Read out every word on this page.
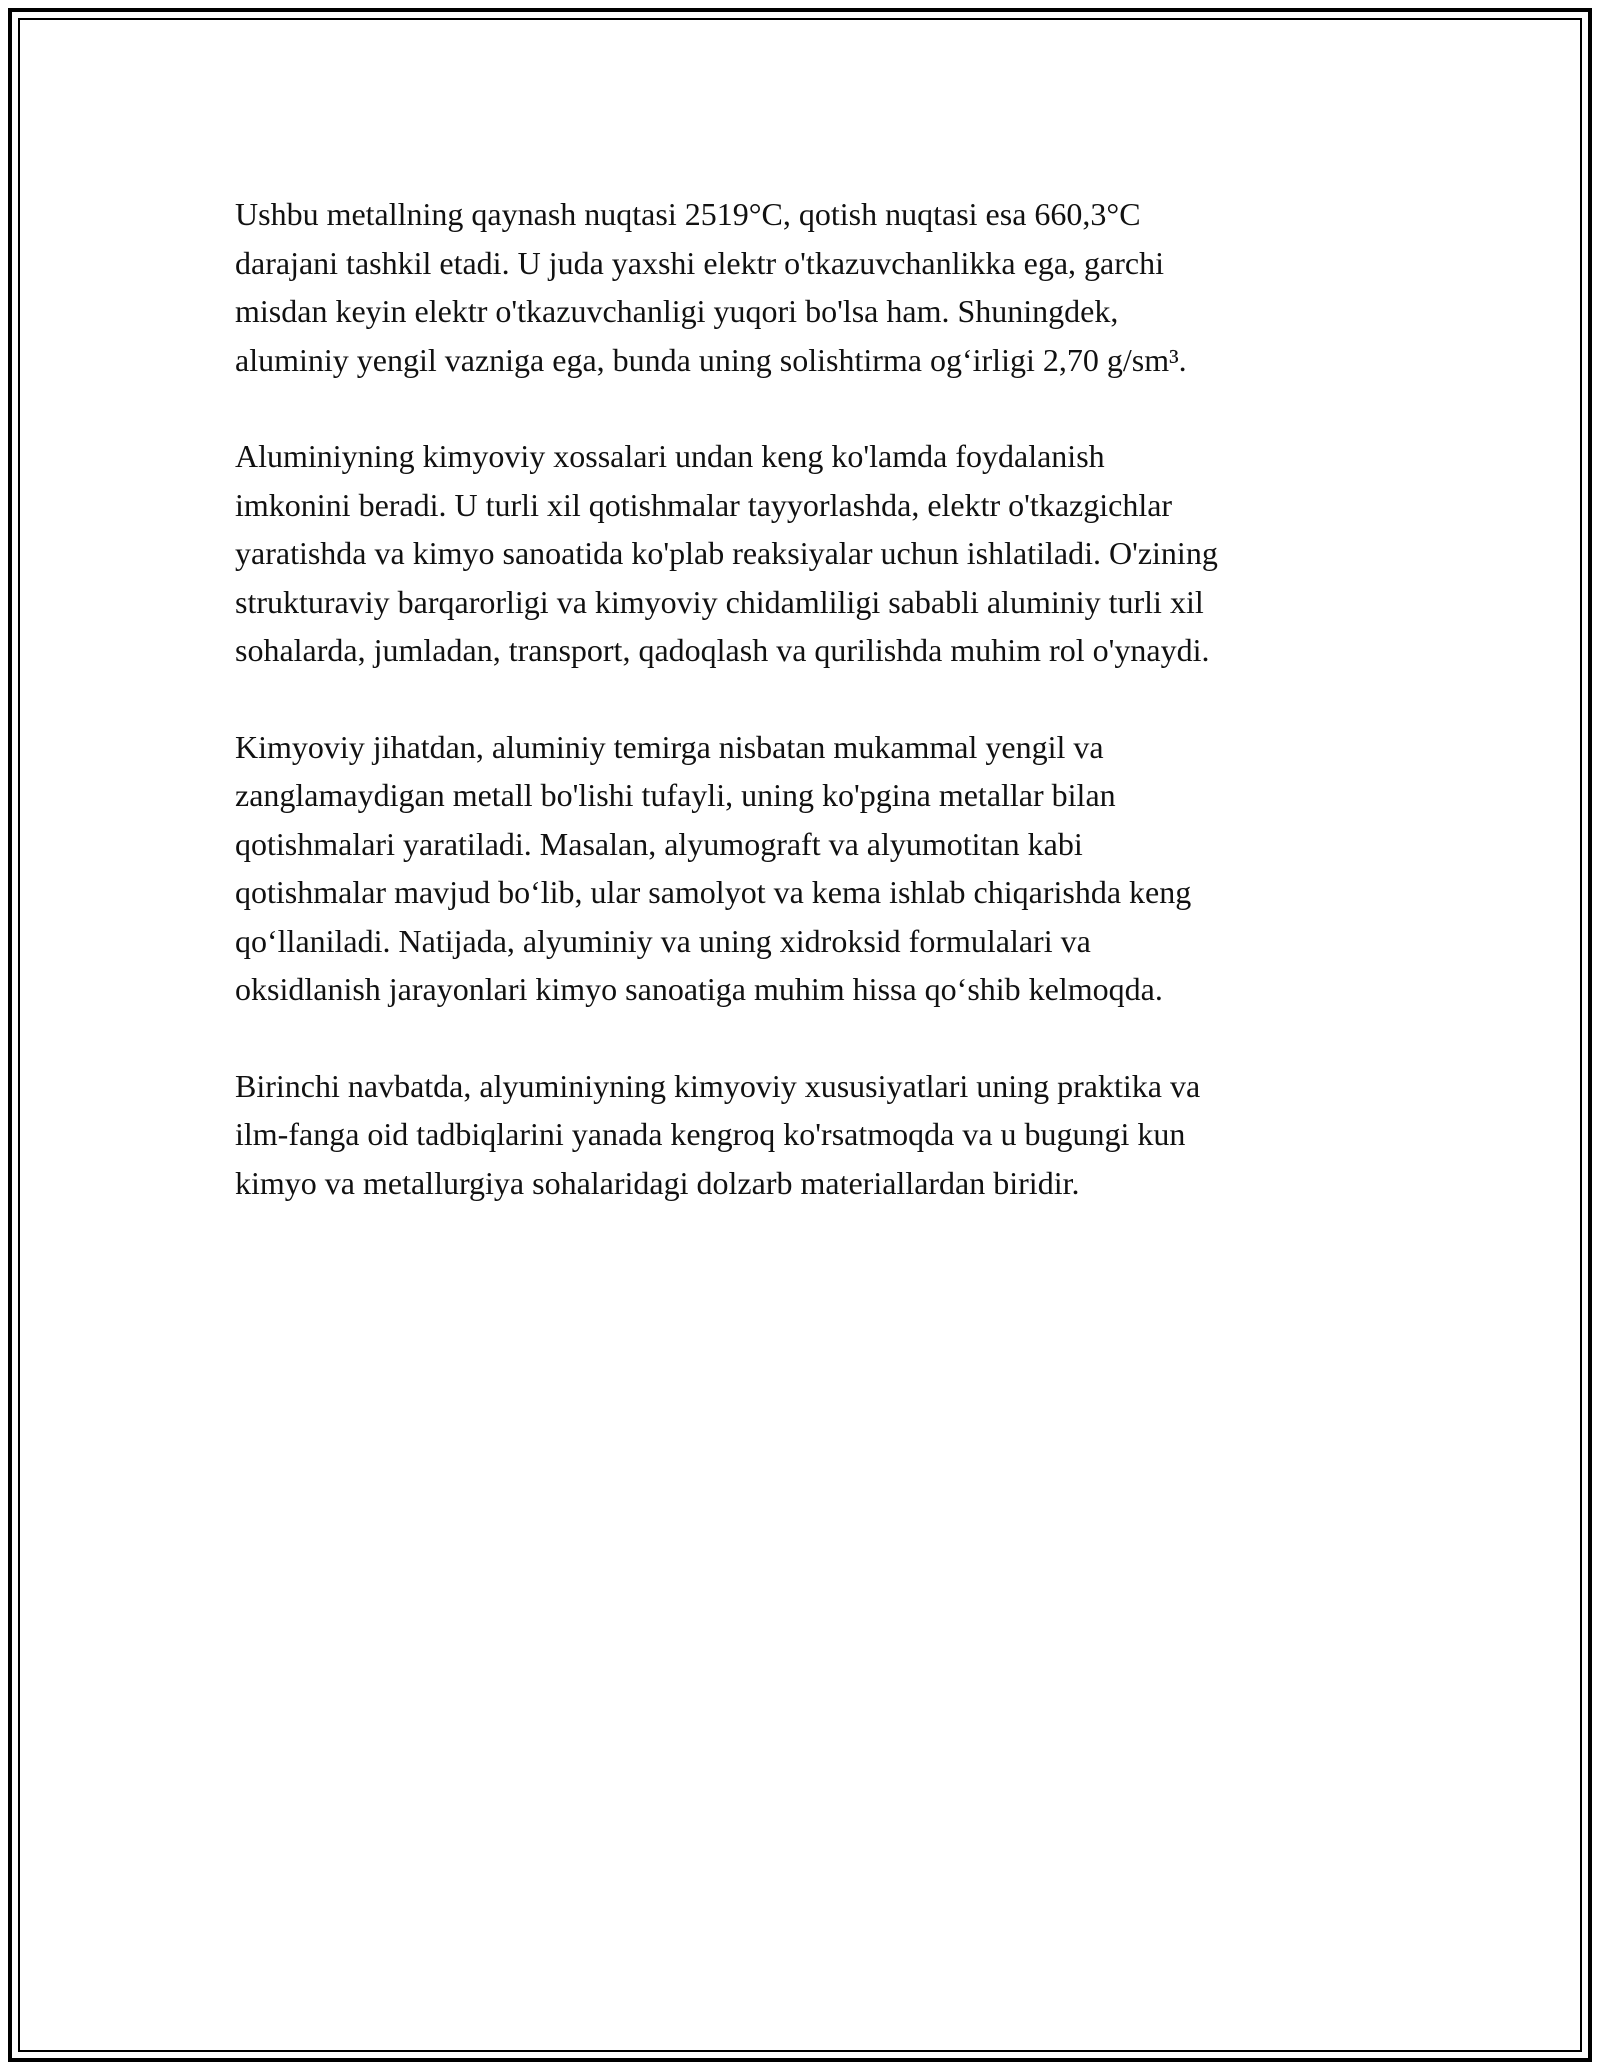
Ushbu metallning qaynash nuqtasi 2519°C, qotish nuqtasi esa 660,3°C
darajani tashkil etadi. U juda yaxshi elektr o'tkazuvchanlikka ega, garchi
misdan keyin elektr o'tkazuvchanligi yuqori bo'lsa ham. Shuningdek,
aluminiy yengil vazniga ega, bunda uning solishtirma og‘irligi 2,70 g/sm³.

Aluminiyning kimyoviy xossalari undan keng ko'lamda foydalanish
imkonini beradi. U turli xil qotishmalar tayyorlashda, elektr o'tkazgichlar
yaratishda va kimyo sanoatida ko'plab reaksiyalar uchun ishlatiladi. O'zining
strukturaviy barqarorligi va kimyoviy chidamliligi sababli aluminiy turli xil
sohalarda, jumladan, transport, qadoqlash va qurilishda muhim rol o'ynaydi.

Kimyoviy jihatdan, aluminiy temirga nisbatan mukammal yengil va
zanglamaydigan metall bo'lishi tufayli, uning ko'pgina metallar bilan
qotishmalari yaratiladi. Masalan, alyumograft va alyumotitan kabi
qotishmalar mavjud bo‘lib, ular samolyot va kema ishlab chiqarishda keng
qo‘llaniladi. Natijada, alyuminiy va uning xidroksid formulalari va
oksidlanish jarayonlari kimyo sanoatiga muhim hissa qo‘shib kelmoqda.

Birinchi navbatda, alyuminiyning kimyoviy xususiyatlari uning praktika va
ilm-fanga oid tadbiqlarini yanada kengroq ko'rsatmoqda va u bugungi kun
kimyo va metallurgiya sohalaridagi dolzarb materiallardan biridir.
